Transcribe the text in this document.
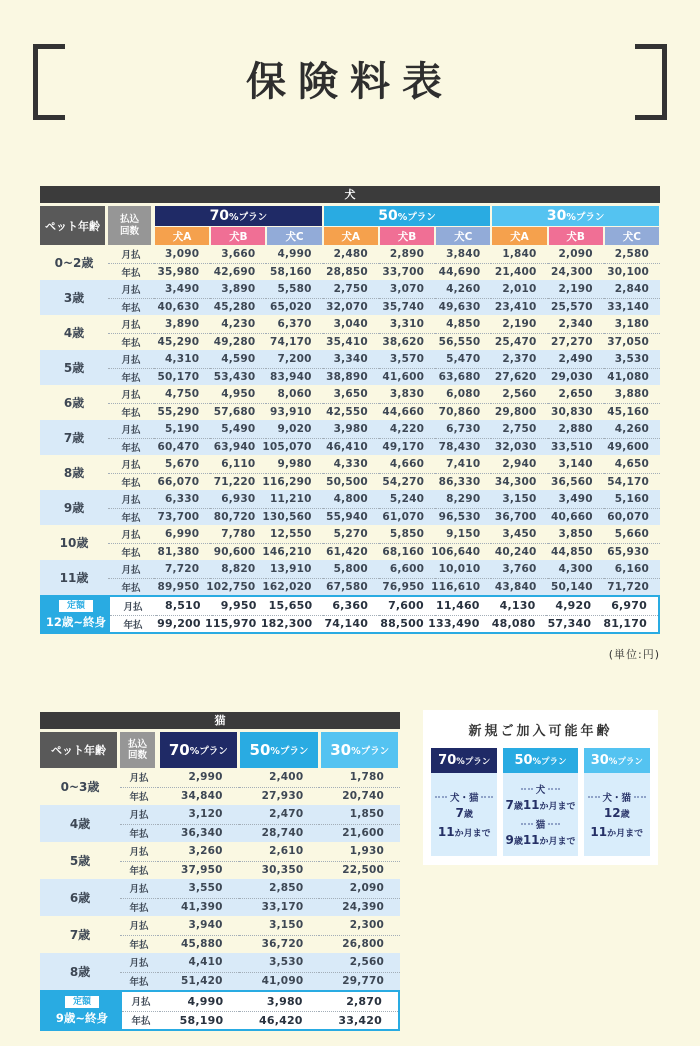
保険料表
犬
ペット年齢	払込
回数
70 %プラン
犬A	犬B	犬C
50 %プラン
犬A	犬B	犬C
30 %プラン
犬A	犬B	犬C
0~2歳
月払	3,090	3,660	4,990	2,480	2,890	3,840	1,840	2,090	2,580
年払	35,980	42,690	58,160	28,850	33,700	44,690	21,400	24,300	30,100
3歳
月払	3,490	3,890	5,580	2,750	3,070	4,260	2,010	2,190	2,840
年払	40,630	45,280	65,020	32,070	35,740	49,630	23,410	25,570	33,140
4歳
月払	3,890	4,230	6,370	3,040	3,310	4,850	2,190	2,340	3,180
年払	45,290	49,280	74,170	35,410	38,620	56,550	25,470	27,270	37,050
5歳
月払	4,310	4,590	7,200	3,340	3,570	5,470	2,370	2,490	3,530
年払	50,170	53,430	83,940	38,890	41,600	63,680	27,620	29,030	41,080
6歳
月払	4,750	4,950	8,060	3,650	3,830	6,080	2,560	2,650	3,880
年払	55,290	57,680	93,910	42,550	44,660	70,860	29,800	30,830	45,160
7歳
月払	5,190	5,490	9,020	3,980	4,220	6,730	2,750	2,880	4,260
年払	60,470	63,940 105,070	46,410	49,170	78,430	32,030	33,510	49,600
8歳
月払	5,670	6,110	9,980	4,330	4,660	7,410	2,940	3,140	4,650
年払	66,070	71,220 116,290	50,500	54,270	86,330	34,300	36,560	54,170
9歳
月払	6,330	6,930	11,210	4,800	5,240	8,290	3,150	3,490	5,160
年払	73,700	80,720 130,560	55,940	61,070	96,530	36,700	40,660	60,070
10歳
月払	6,990	7,780	12,550	5,270	5,850	9,150	3,450	3,850	5,660
年払	81,380	90,600 146,210	61,420	68,160 106,640	40,240	44,850	65,930
11歳
月払	7,720	8,820	13,910	5,800	6,600	10,010	3,760	4,300	6,160
年払	89,950 102,750 162,020	67,580	76,950 116,610	43,840	50,140	71,720
定額
12歳~終身
月払	8,510	9,950	15,650	6,360	7,600	11,460	4,130	4,920	6,970
年払	99,200 115,970 182,300	74,140	88,500 133,490	48,080	57,340	81,170
(単位:円)
猫
ペット年齢	払込
回数 70 %プラン 50 %プラン 30 %プラン
0~3歳
月払	2,990	2,400	1,780
年払	34,840	27,930	20,740
4歳
月払	3,120	2,470	1,850
年払	36,340	28,740	21,600
5歳
月払	3,260	2,610	1,930
年払	37,950	30,350	22,500
6歳
月払	3,550	2,850	2,090
年払	41,390	33,170	24,390
7歳
月払	3,940	3,150	2,300
年払	45,880	36,720	26,800
8歳
月払	4,410	3,530	2,560
年払	51,420	41,090	29,770
定額
9歳~終身
月払	4,990	3,980	2,870
年払	58,190	46,420	33,420
新規ご加入可能年齢
70 %プラン
犬・猫
7歳
11か月まで
50 %プラン
犬
7歳11か月まで
猫
9歳11か月まで
30 %プラン
犬・猫
12歳
11か月まで
